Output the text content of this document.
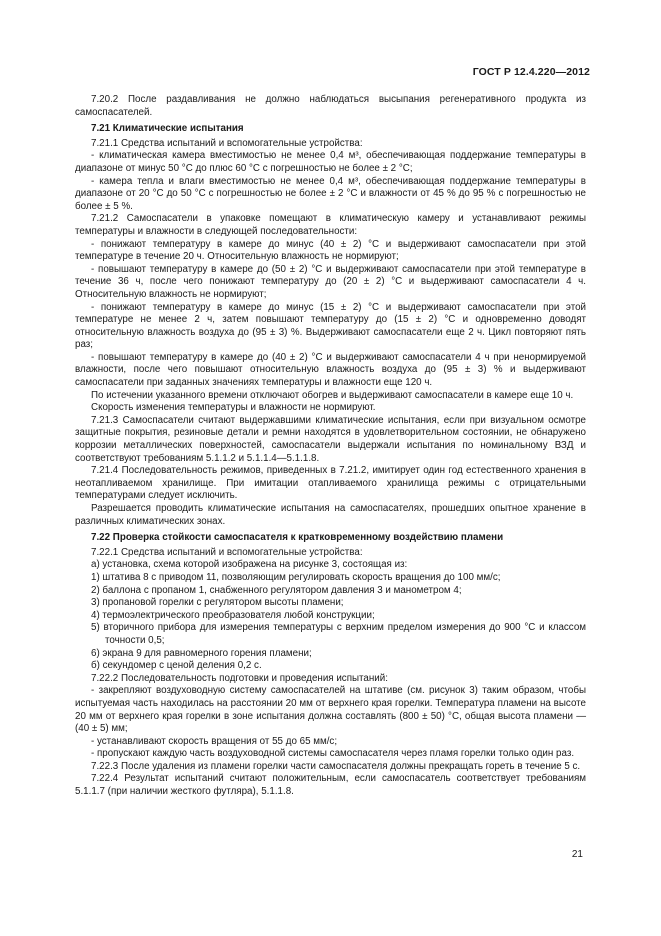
ГОСТ Р 12.4.220—2012

7.20.2 После раздавливания не должно наблюдаться высыпания регенеративного продукта из самоспасателей.

7.21 Климатические испытания

7.21.1 Средства испытаний и вспомогательные устройства:

- климатическая камера вместимостью не менее 0,4 м³, обеспечивающая поддержание температуры в диапазоне от минус 50 °С до плюс 60 °С с погрешностью не более ± 2 °С;

- камера тепла и влаги вместимостью не менее 0,4 м³, обеспечивающая поддержание температуры в диапазоне от 20 °С до 50 °С с погрешностью не более ± 2 °С и влажности от 45 % до 95 % с погрешностью не более ± 5 %.

7.21.2 Самоспасатели в упаковке помещают в климатическую камеру и устанавливают режимы температуры и влажности в следующей последовательности:

- понижают температуру в камере до минус (40 ± 2) °С и выдерживают самоспасатели при этой температуре в течение 20 ч. Относительную влажность не нормируют;

- повышают температуру в камере до (50 ± 2) °С и выдерживают самоспасатели при этой температуре в течение 36 ч, после чего понижают температуру до (20 ± 2) °С и выдерживают самоспасатели 4 ч. Относительную влажность не нормируют;

- понижают температуру в камере до минус (15 ± 2) °С и выдерживают самоспасатели при этой температуре не менее 2 ч, затем повышают температуру до (15 ± 2) °С и одновременно доводят относительную влажность воздуха до (95 ± 3) %. Выдерживают самоспасатели еще 2 ч. Цикл повторяют пять раз;

- повышают температуру в камере до (40 ± 2) °С и выдерживают самоспасатели 4 ч при ненормируемой влажности, после чего повышают относительную влажность воздуха до (95 ± 3) % и выдерживают самоспасатели при заданных значениях температуры и влажности еще 120 ч.

По истечении указанного времени отключают обогрев и выдерживают самоспасатели в камере еще 10 ч.

Скорость изменения температуры и влажности не нормируют.

7.21.3 Самоспасатели считают выдержавшими климатические испытания, если при визуальном осмотре защитные покрытия, резиновые детали и ремни находятся в удовлетворительном состоянии, не обнаружено коррозии металлических поверхностей, самоспасатели выдержали испытания по номинальному ВЗД и соответствуют требованиям 5.1.1.2 и 5.1.1.4—5.1.1.8.

7.21.4 Последовательность режимов, приведенных в 7.21.2, имитирует один год естественного хранения в неотапливаемом хранилище. При имитации отапливаемого хранилища режимы с отрицательными температурами следует исключить.

Разрешается проводить климатические испытания на самоспасателях, прошедших опытное хранение в различных климатических зонах.

7.22 Проверка стойкости самоспасателя к кратковременному воздействию пламени

7.22.1 Средства испытаний и вспомогательные устройства:

а) установка, схема которой изображена на рисунке 3, состоящая из:

1) штатива 8 с приводом 11, позволяющим регулировать скорость вращения до 100 мм/с;

2) баллона с пропаном 1, снабженного регулятором давления 3 и манометром 4;

3) пропановой горелки с регулятором высоты пламени;

4) термоэлектрического преобразователя любой конструкции;

5) вторичного прибора для измерения температуры с верхним пределом измерения до 900 °С и классом точности 0,5;

6) экрана 9 для равномерного горения пламени;

б) секундомер с ценой деления 0,2 с.

7.22.2 Последовательность подготовки и проведения испытаний:

- закрепляют воздуховодную систему самоспасателей на штативе (см. рисунок 3) таким образом, чтобы испытуемая часть находилась на расстоянии 20 мм от верхнего края горелки. Температура пламени на высоте 20 мм от верхнего края горелки в зоне испытания должна составлять (800 ± 50) °С, общая высота пламени — (40 ± 5) мм;

- устанавливают скорость вращения от 55 до 65 мм/с;

- пропускают каждую часть воздуховодной системы самоспасателя через пламя горелки только один раз.

7.22.3 После удаления из пламени горелки части самоспасателя должны прекращать гореть в течение 5 с.

7.22.4 Результат испытаний считают положительным, если самоспасатель соответствует требованиям 5.1.1.7 (при наличии жесткого футляра), 5.1.1.8.

21
